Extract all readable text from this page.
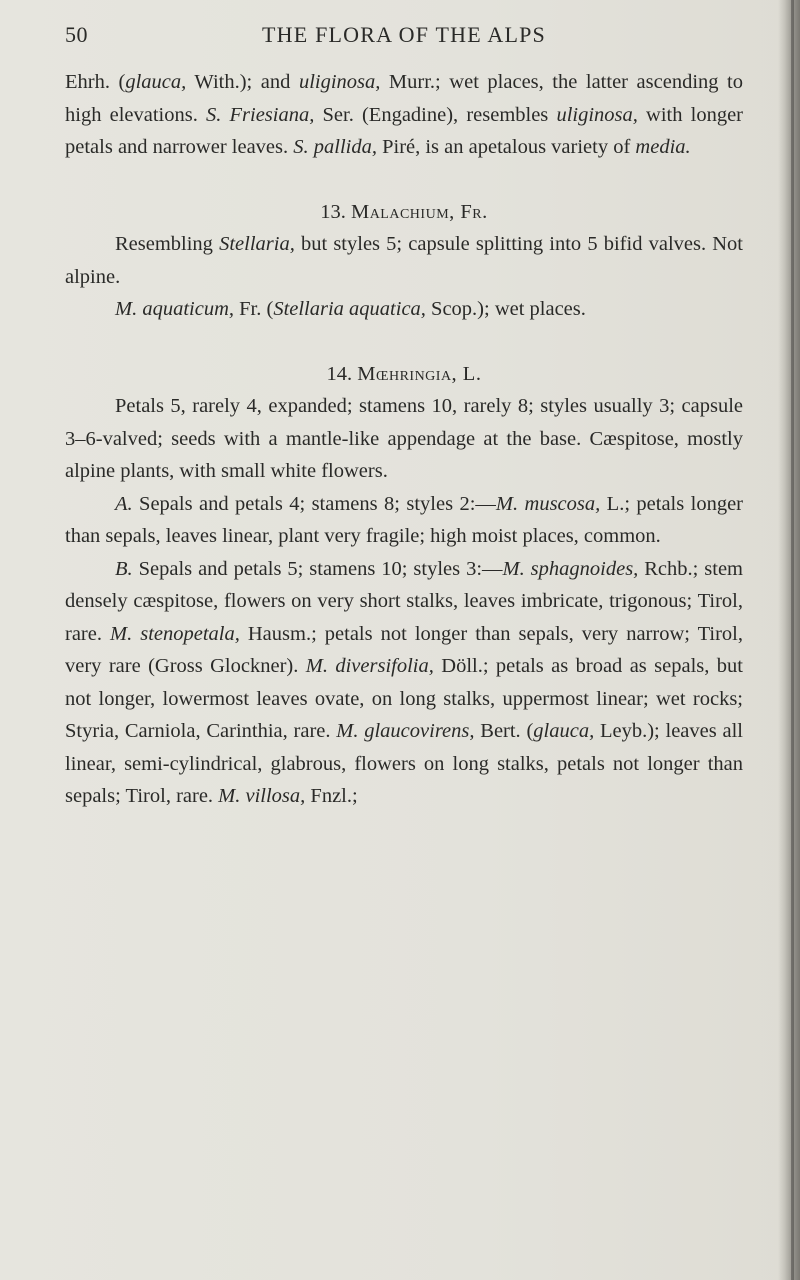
50	THE FLORA OF THE ALPS

Ehrh. (glauca, With.); and uliginosa, Murr.; wet places, the latter ascending to high elevations. S. Friesiana, Ser. (Engadine), resembles uliginosa, with longer petals and narrower leaves. S. pallida, Piré, is an apetalous variety of media.

13. Malachium, Fr.

Resembling Stellaria, but styles 5; capsule splitting into 5 bifid valves. Not alpine.

M. aquaticum, Fr. (Stellaria aquatica, Scop.); wet places.

14. Mœhringia, L.

Petals 5, rarely 4, expanded; stamens 10, rarely 8; styles usually 3; capsule 3–6-valved; seeds with a mantle-like appendage at the base. Cæspitose, mostly alpine plants, with small white flowers.

A. Sepals and petals 4; stamens 8; styles 2:—M. muscosa, L.; petals longer than sepals, leaves linear, plant very fragile; high moist places, common.

B. Sepals and petals 5; stamens 10; styles 3:—M. sphagnoides, Rchb.; stem densely cæspitose, flowers on very short stalks, leaves imbricate, trigonous; Tirol, rare. M. stenopetala, Hausm.; petals not longer than sepals, very narrow; Tirol, very rare (Gross Glockner). M. diversifolia, Döll.; petals as broad as sepals, but not longer, lowermost leaves ovate, on long stalks, uppermost linear; wet rocks; Styria, Carniola, Carinthia, rare. M. glaucovirens, Bert. (glauca, Leyb.); leaves all linear, semi-cylindrical, glabrous, flowers on long stalks, petals not longer than sepals; Tirol, rare. M. villosa, Fnzl.;
